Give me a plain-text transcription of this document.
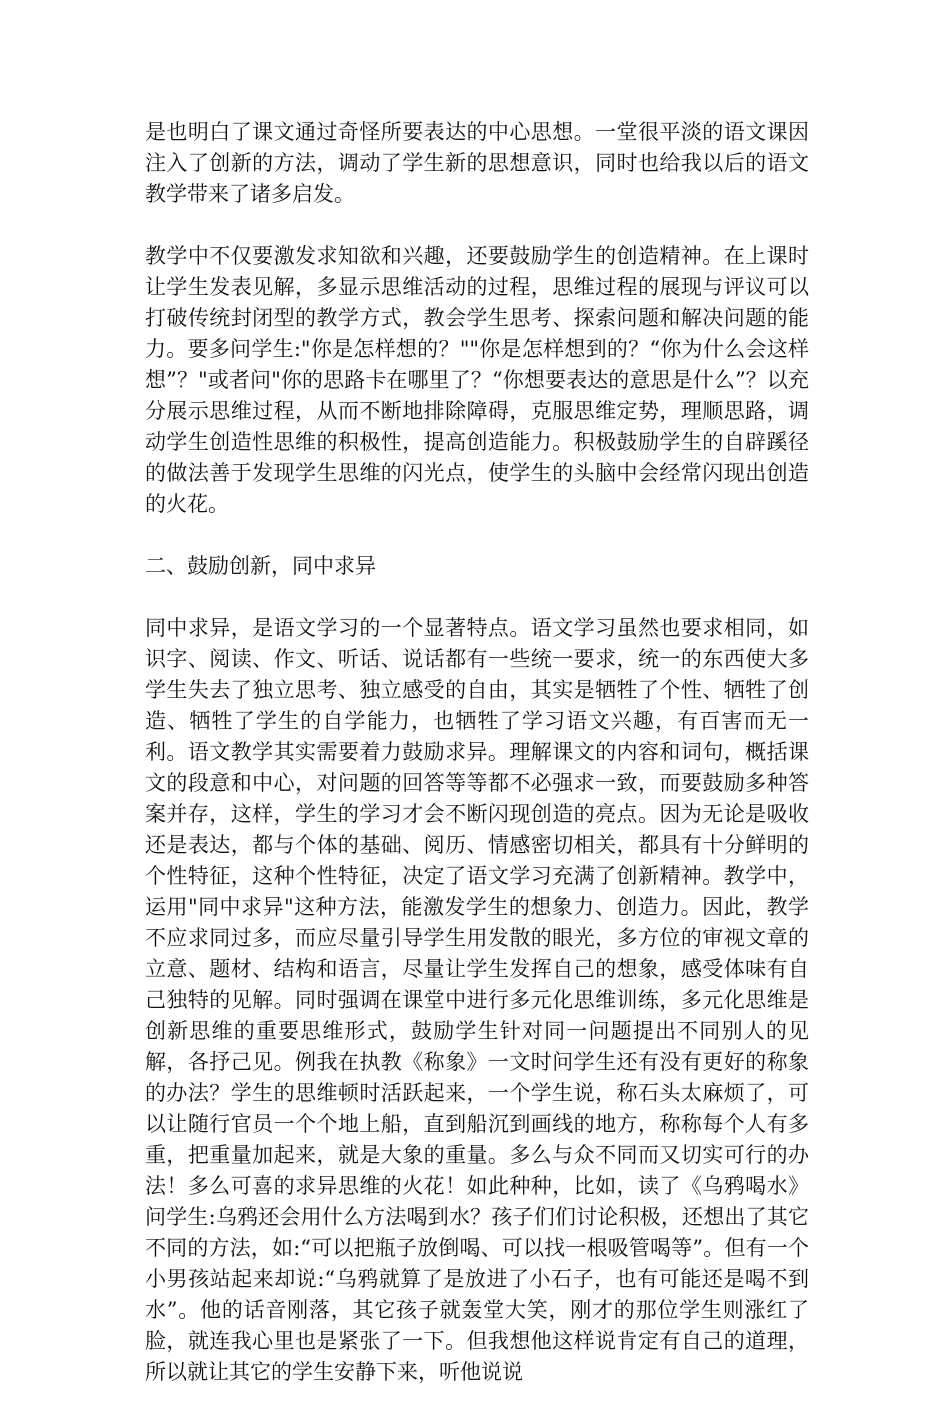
是也明白了课文通过奇怪所要表达的中心思想。一堂很平淡的语文课因注入了创新的方法，调动了学生新的思想意识，同时也给我以后的语文教学带来了诸多启发。

教学中不仅要激发求知欲和兴趣，还要鼓励学生的创造精神。在上课时让学生发表见解，多显示思维活动的过程，思维过程的展现与评议可以打破传统封闭型的教学方式，教会学生思考、探索问题和解决问题的能力。要多问学生:"你是怎样想的？""你是怎样想到的？“你为什么会这样想”？"或者问"你的思路卡在哪里了？“你想要表达的意思是什么”？以充分展示思维过程，从而不断地排除障碍，克服思维定势，理顺思路，调动学生创造性思维的积极性，提高创造能力。积极鼓励学生的自辟蹊径的做法善于发现学生思维的闪光点，使学生的头脑中会经常闪现出创造的火花。

二、鼓励创新，同中求异

同中求异，是语文学习的一个显著特点。语文学习虽然也要求相同，如识字、阅读、作文、听话、说话都有一些统一要求，统一的东西使大多学生失去了独立思考、独立感受的自由，其实是牺牲了个性、牺牲了创造、牺牲了学生的自学能力，也牺牲了学习语文兴趣，有百害而无一利。语文教学其实需要着力鼓励求异。理解课文的内容和词句，概括课文的段意和中心，对问题的回答等等都不必强求一致，而要鼓励多种答案并存，这样，学生的学习才会不断闪现创造的亮点。因为无论是吸收还是表达，都与个体的基础、阅历、情感密切相关，都具有十分鲜明的个性特征，这种个性特征，决定了语文学习充满了创新精神。教学中，运用"同中求异"这种方法，能激发学生的想象力、创造力。因此，教学不应求同过多，而应尽量引导学生用发散的眼光，多方位的审视文章的立意、题材、结构和语言，尽量让学生发挥自己的想象，感受体味有自己独特的见解。同时强调在课堂中进行多元化思维训练，多元化思维是创新思维的重要思维形式，鼓励学生针对同一问题提出不同别人的见解，各抒己见。例我在执教《称象》一文时问学生还有没有更好的称象的办法？学生的思维顿时活跃起来，一个学生说，称石头太麻烦了，可以让随行官员一个个地上船，直到船沉到画线的地方，称称每个人有多重，把重量加起来，就是大象的重量。多么与众不同而又切实可行的办法！多么可喜的求异思维的火花！如此种种，比如，读了《乌鸦喝水》问学生:乌鸦还会用什么方法喝到水？孩子们们讨论积极，还想出了其它不同的方法，如:“可以把瓶子放倒喝、可以找一根吸管喝等”。但有一个小男孩站起来却说:“乌鸦就算了是放进了小石子，也有可能还是喝不到水”。他的话音刚落，其它孩子就轰堂大笑，刚才的那位学生则涨红了脸，就连我心里也是紧张了一下。但我想他这样说肯定有自己的道理，所以就让其它的学生安静下来，听他说说
